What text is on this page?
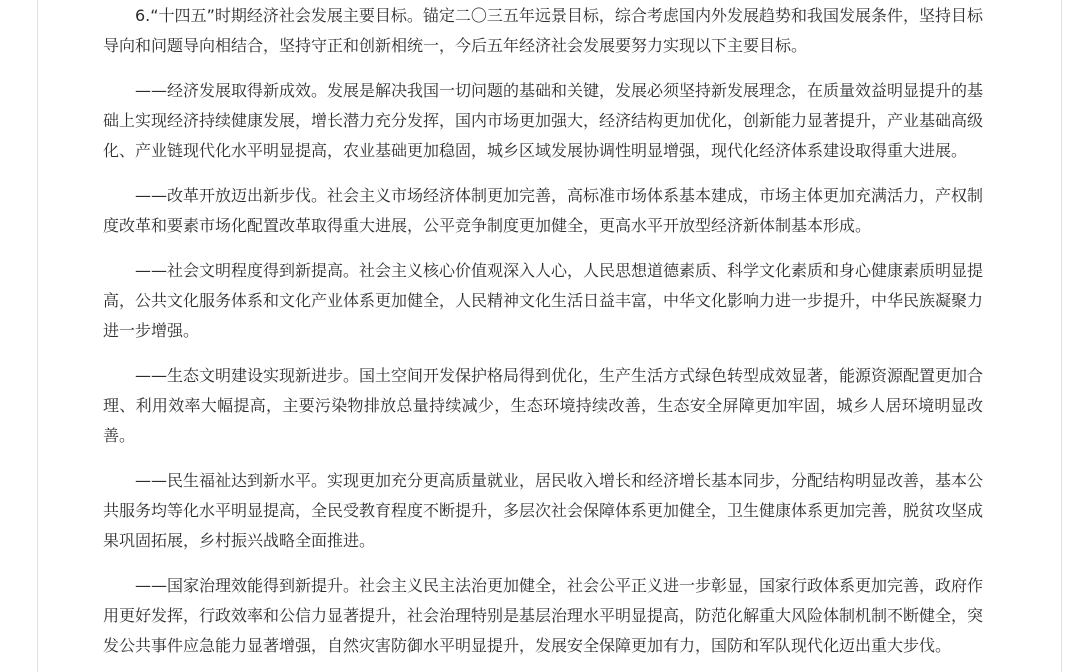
6.“十四五”时期经济社会发展主要目标。锚定二〇三五年远景目标，综合考虑国内外发展趋势和我国发展条件，坚持目标导向和问题导向相结合，坚持守正和创新相统一，今后五年经济社会发展要努力实现以下主要目标。

——经济发展取得新成效。发展是解决我国一切问题的基础和关键，发展必须坚持新发展理念，在质量效益明显提升的基础上实现经济持续健康发展，增长潜力充分发挥，国内市场更加强大，经济结构更加优化，创新能力显著提升，产业基础高级化、产业链现代化水平明显提高，农业基础更加稳固，城乡区域发展协调性明显增强，现代化经济体系建设取得重大进展。

——改革开放迈出新步伐。社会主义市场经济体制更加完善，高标准市场体系基本建成，市场主体更加充满活力，产权制度改革和要素市场化配置改革取得重大进展，公平竞争制度更加健全，更高水平开放型经济新体制基本形成。

——社会文明程度得到新提高。社会主义核心价值观深入人心，人民思想道德素质、科学文化素质和身心健康素质明显提高，公共文化服务体系和文化产业体系更加健全，人民精神文化生活日益丰富，中华文化影响力进一步提升，中华民族凝聚力进一步增强。

——生态文明建设实现新进步。国土空间开发保护格局得到优化，生产生活方式绿色转型成效显著，能源资源配置更加合理、利用效率大幅提高，主要污染物排放总量持续减少，生态环境持续改善，生态安全屏障更加牢固，城乡人居环境明显改善。

——民生福祉达到新水平。实现更加充分更高质量就业，居民收入增长和经济增长基本同步，分配结构明显改善，基本公共服务均等化水平明显提高，全民受教育程度不断提升，多层次社会保障体系更加健全，卫生健康体系更加完善，脱贫攻坚成果巩固拓展，乡村振兴战略全面推进。

——国家治理效能得到新提升。社会主义民主法治更加健全，社会公平正义进一步彰显，国家行政体系更加完善，政府作用更好发挥，行政效率和公信力显著提升，社会治理特别是基层治理水平明显提高，防范化解重大风险体制机制不断健全，突发公共事件应急能力显著增强，自然灾害防御水平明显提升，发展安全保障更加有力，国防和军队现代化迈出重大步伐。
